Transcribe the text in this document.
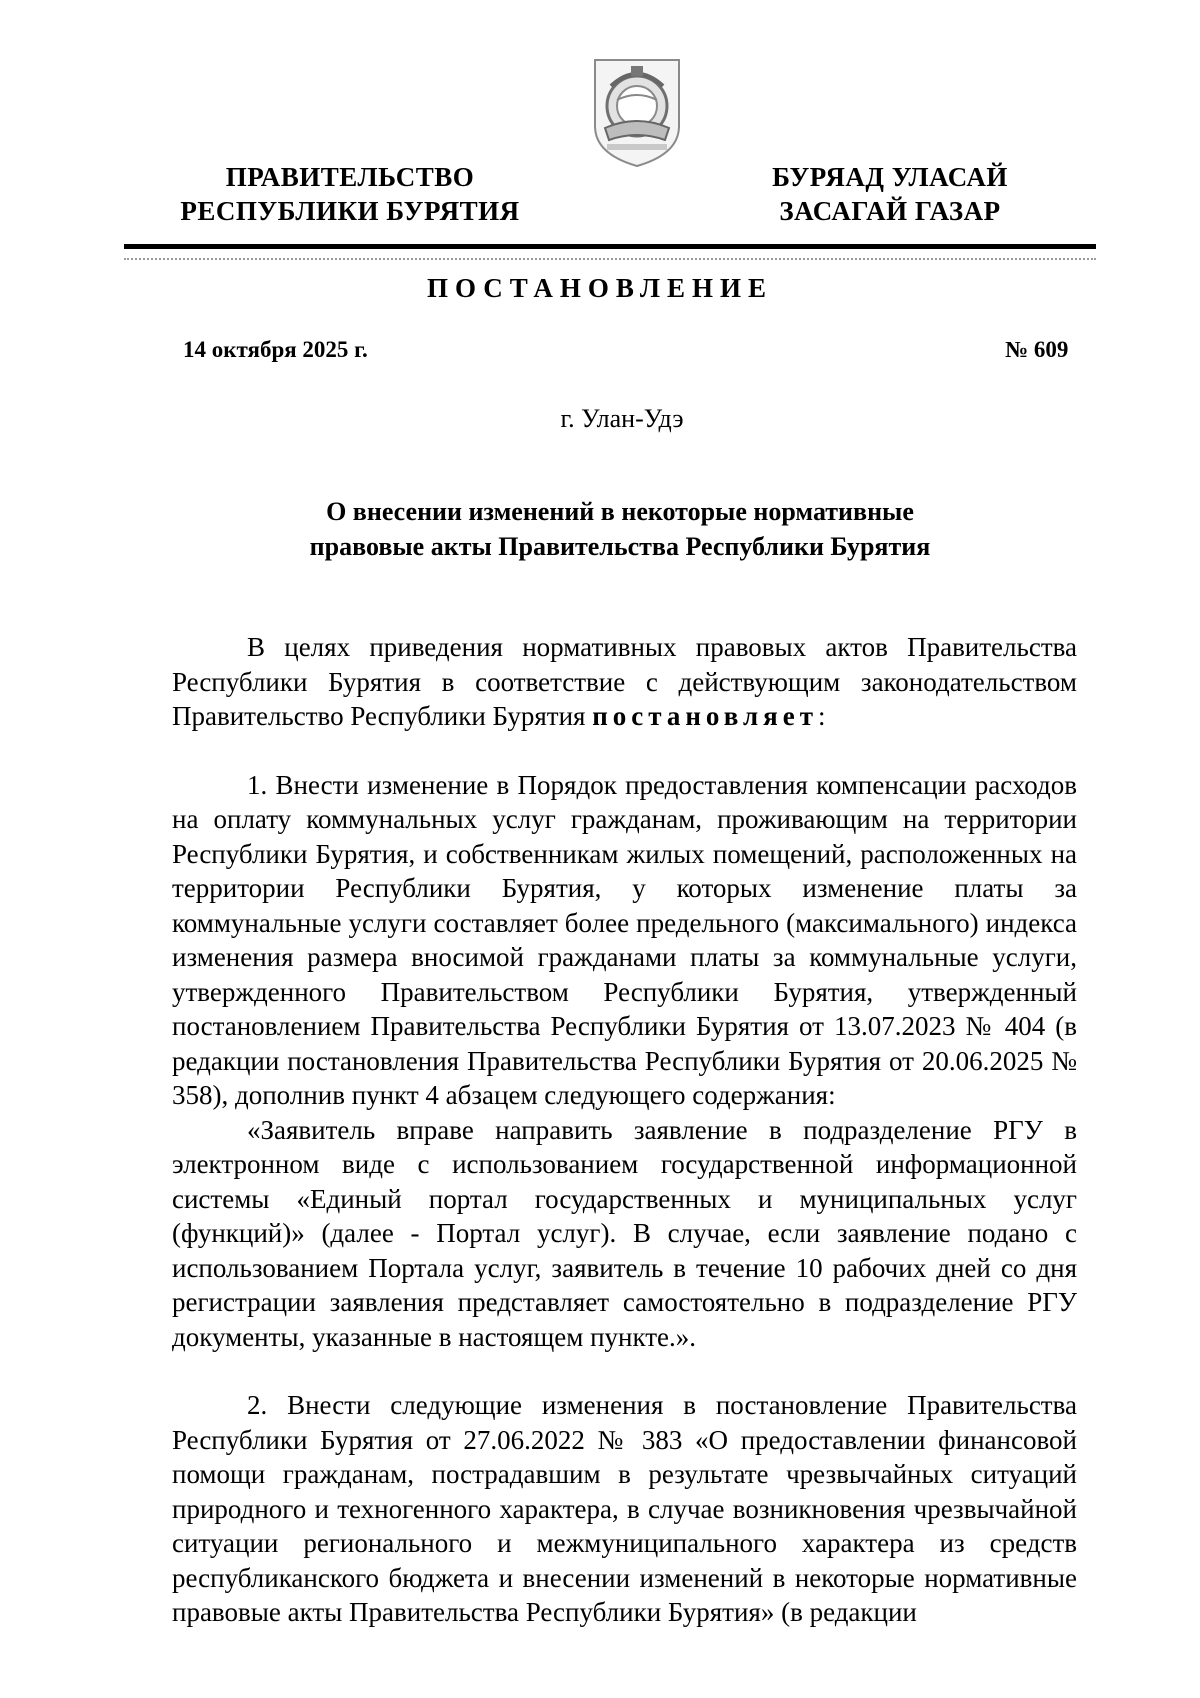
ПРАВИТЕЛЬСТВО
РЕСПУБЛИКИ БУРЯТИЯ
БУРЯАД УЛАСАЙ
ЗАСАГАЙ ГАЗАР
ПОСТАНОВЛЕНИЕ
14 октября 2025 г.	№ 609
г. Улан-Удэ
О внесении изменений в некоторые нормативные
правовые акты Правительства Республики Бурятия

В целях приведения нормативных правовых актов Правительства Республики Бурятия в соответствие с действующим законодательством Правительство Республики Бурятия постановляет:

1. Внести изменение в Порядок предоставления компенсации расходов на оплату коммунальных услуг гражданам, проживающим на территории Республики Бурятия, и собственникам жилых помещений, расположенных на территории Республики Бурятия, у которых изменение платы за коммунальные услуги составляет более предельного (максимального) индекса изменения размера вносимой гражданами платы за коммунальные услуги, утвержденного Правительством Республики Бурятия, утвержденный постановлением Правительства Республики Бурятия от 13.07.2023 № 404 (в редакции постановления Правительства Республики Бурятия от 20.06.2025 № 358), дополнив пункт 4 абзацем следующего содержания:

«Заявитель вправе направить заявление в подразделение РГУ в электронном виде с использованием государственной информационной системы «Единый портал государственных и муниципальных услуг (функций)» (далее - Портал услуг). В случае, если заявление подано с использованием Портала услуг, заявитель в течение 10 рабочих дней со дня регистрации заявления представляет самостоятельно в подразделение РГУ документы, указанные в настоящем пункте.».

2. Внести следующие изменения в постановление Правительства Республики Бурятия от 27.06.2022 № 383 «О предоставлении финансовой помощи гражданам, пострадавшим в результате чрезвычайных ситуаций природного и техногенного характера, в случае возникновения чрезвычайной ситуации регионального и межмуниципального характера из средств республиканского бюджета и внесении изменений в некоторые нормативные правовые акты Правительства Республики Бурятия» (в редакции
